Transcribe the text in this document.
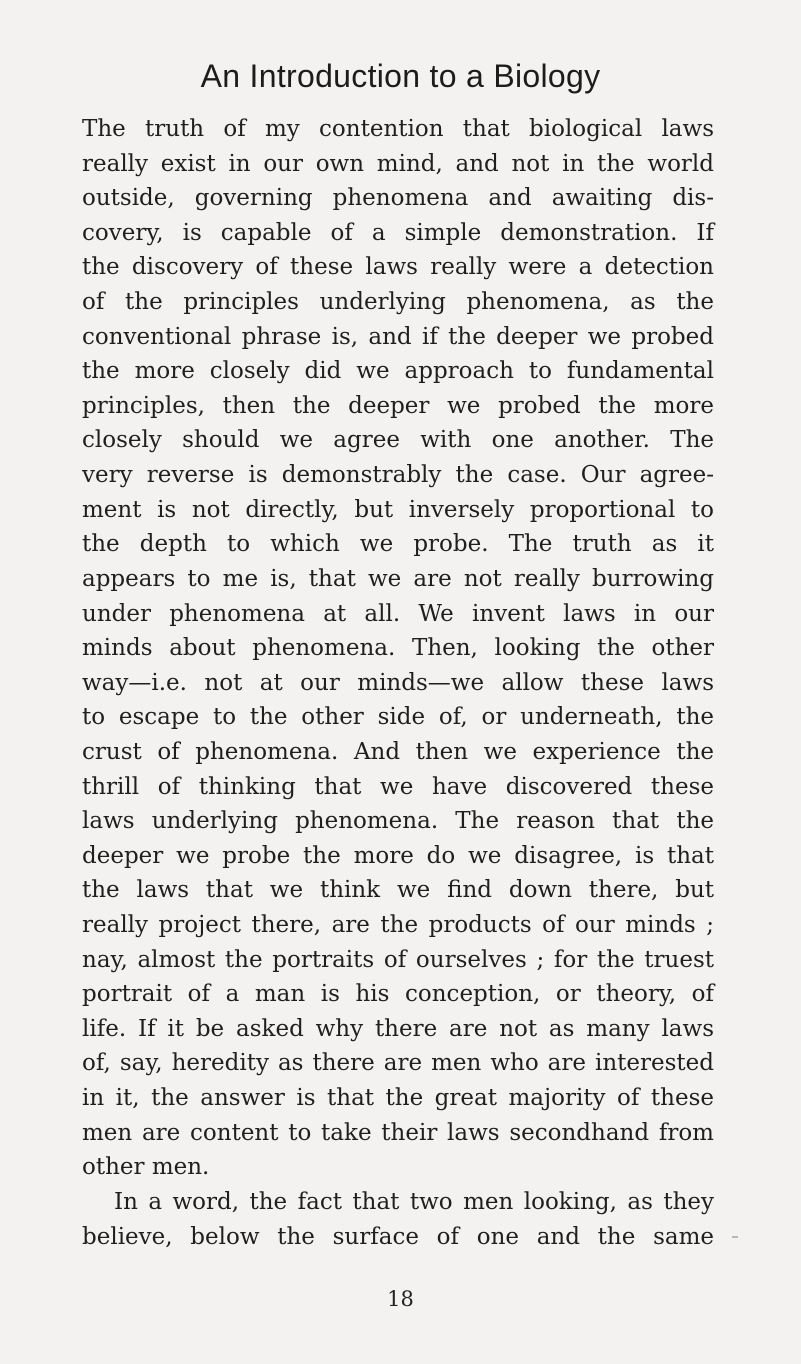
An Introduction to a Biology
The truth of my contention that biological laws
really exist in our own mind, and not in the world
outside, governing phenomena and awaiting dis-
covery, is capable of a simple demonstration. If
the discovery of these laws really were a detection
of the principles underlying phenomena, as the
conventional phrase is, and if the deeper we probed
the more closely did we approach to fundamental
principles, then the deeper we probed the more
closely should we agree with one another. The
very reverse is demonstrably the case. Our agree-
ment is not directly, but inversely proportional to
the depth to which we probe. The truth as it
appears to me is, that we are not really burrowing
under phenomena at all. We invent laws in our
minds about phenomena. Then, looking the other
way—i.e. not at our minds—we allow these laws
to escape to the other side of, or underneath, the
crust of phenomena. And then we experience the
thrill of thinking that we have discovered these
laws underlying phenomena. The reason that the
deeper we probe the more do we disagree, is that
the laws that we think we find down there, but
really project there, are the products of our minds ;
nay, almost the portraits of ourselves ; for the truest
portrait of a man is his conception, or theory, of
life. If it be asked why there are not as many laws
of, say, heredity as there are men who are interested
in it, the answer is that the great majority of these
men are content to take their laws secondhand from
other men.
In a word, the fact that two men looking, as they
believe, below the surface of one and the same
18
